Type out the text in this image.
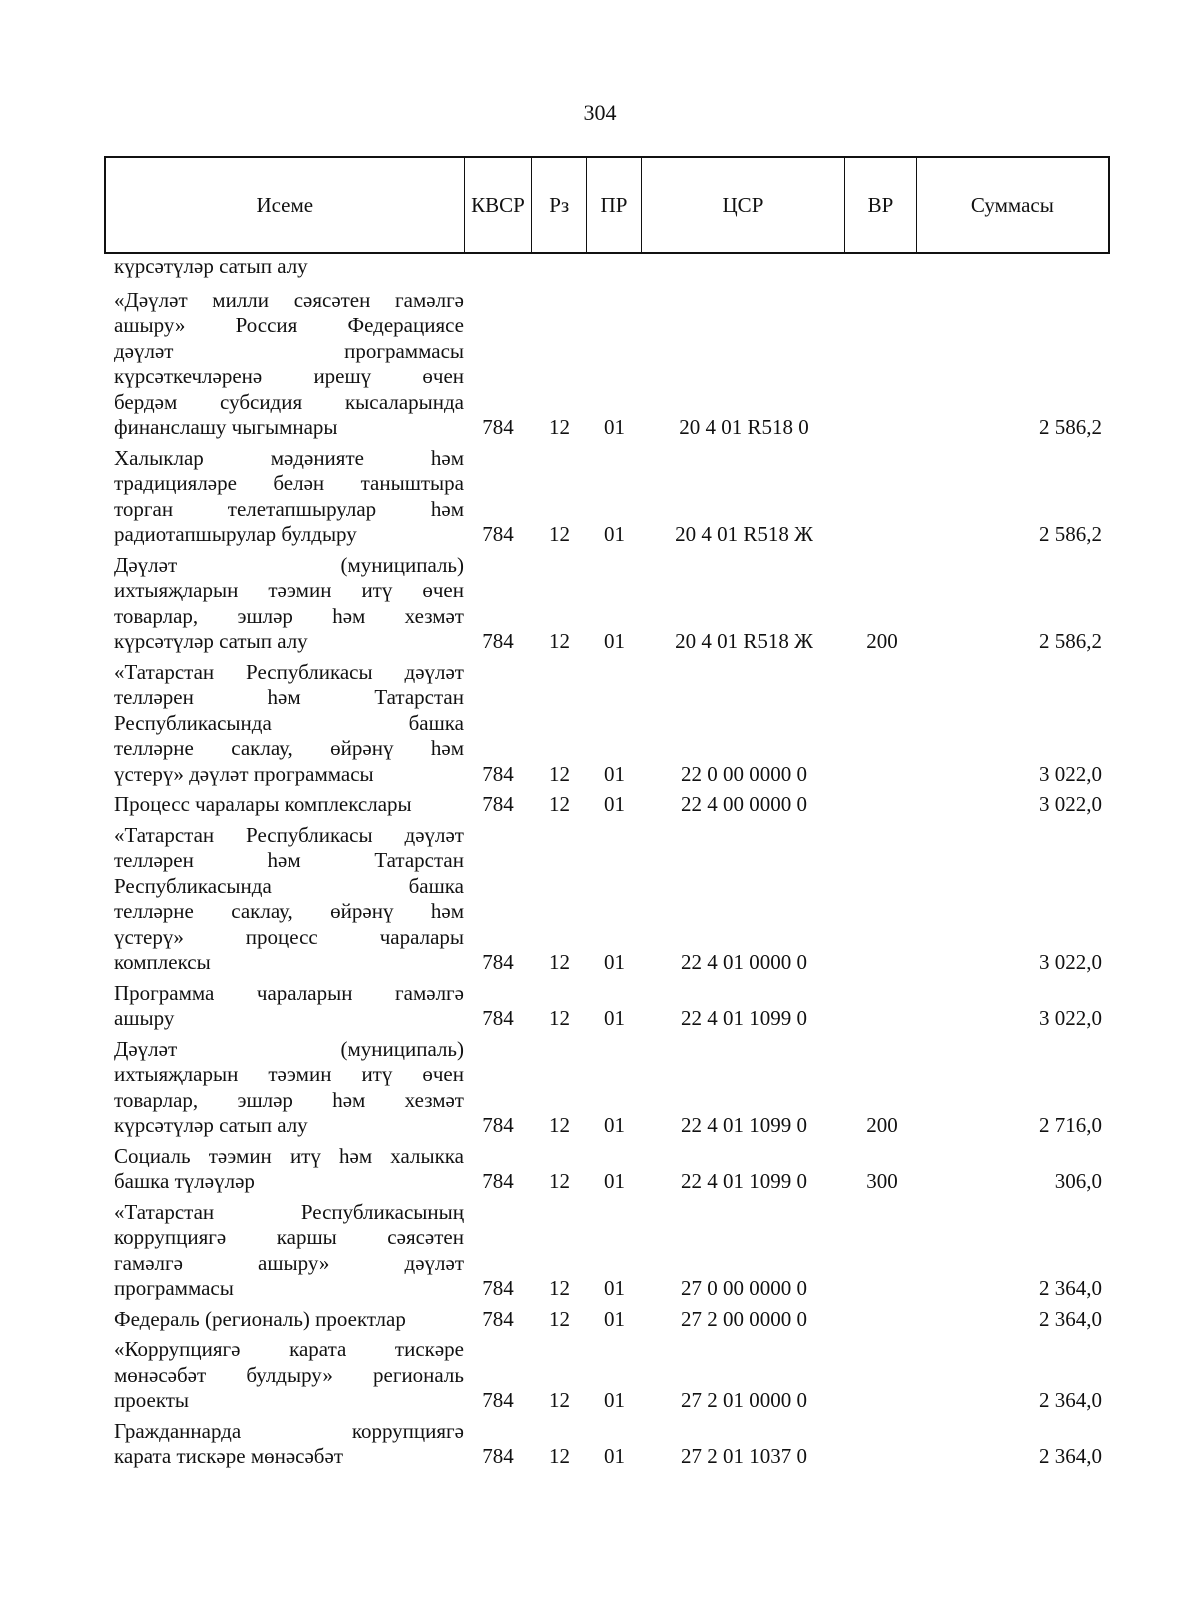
304
Исеме	КВСР	Рз	ПР	ЦСР	ВР	Суммасы
күрсәтүләр сатып алу
«Дәүләт милли сәясәтен гамәлгә
ашыру» Россия Федерациясе
дәүләт программасы
күрсәткечләренә ирешү өчен
бердәм субсидия кысаларында
финанслашу чыгымнары	784	12	01	20 4 01 R518 0	2 586,2
Халыклар мәдәнияте һәм
традицияләре белән таныштыра
торган телетапшырулар һәм
радиотапшырулар булдыру	784	12	01	20 4 01 R518 Ж	2 586,2
Дәүләт (муниципаль)
ихтыяҗларын тәэмин итү өчен
товарлар, эшләр һәм хезмәт
күрсәтүләр сатып алу	784	12	01	20 4 01 R518 Ж	200	2 586,2
«Татарстан Республикасы дәүләт
телләрен һәм Татарстан
Республикасында башка
телләрне саклау, өйрәнү һәм
үстерү» дәүләт программасы	784	12	01	22 0 00 0000 0	3 022,0
Процесс чаралары комплекслары	784	12	01	22 4 00 0000 0	3 022,0
«Татарстан Республикасы дәүләт
телләрен һәм Татарстан
Республикасында башка
телләрне саклау, өйрәнү һәм
үстерү» процесс чаралары
комплексы	784	12	01	22 4 01 0000 0	3 022,0
Программа чараларын гамәлгә
ашыру	784	12	01	22 4 01 1099 0	3 022,0
Дәүләт (муниципаль)
ихтыяҗларын тәэмин итү өчен
товарлар, эшләр һәм хезмәт
күрсәтүләр сатып алу	784	12	01	22 4 01 1099 0	200	2 716,0
Социаль тәэмин итү һәм халыкка
башка түләүләр	784	12	01	22 4 01 1099 0	300	306,0
«Татарстан Республикасының
коррупциягә каршы сәясәтен
гамәлгә ашыру» дәүләт
программасы	784	12	01	27 0 00 0000 0	2 364,0
Федераль (региональ) проектлар	784	12	01	27 2 00 0000 0	2 364,0
«Коррупциягә карата тискәре
мөнәсәбәт булдыру» региональ
проекты	784	12	01	27 2 01 0000 0	2 364,0
Гражданнарда коррупциягә
карата тискәре мөнәсәбәт	784	12	01	27 2 01 1037 0	2 364,0
